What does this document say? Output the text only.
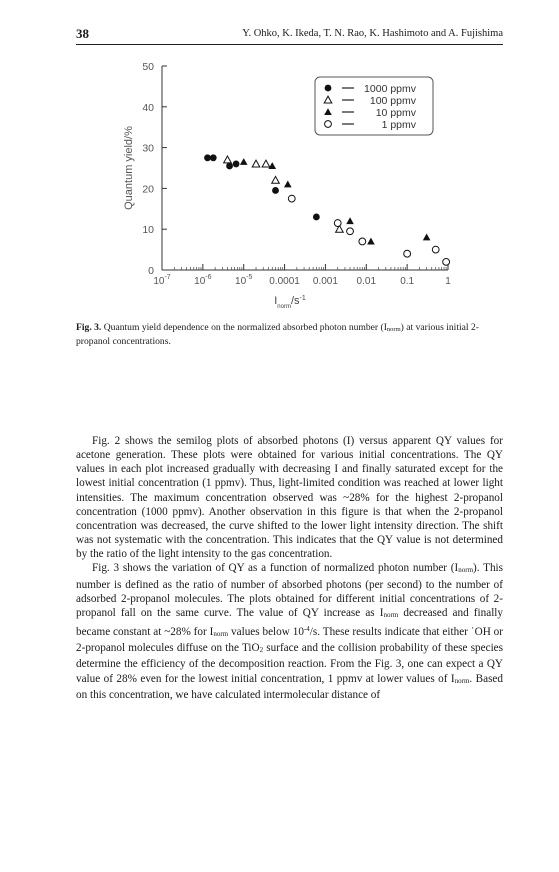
38	Y. Ohko, K. Ikeda, T. N. Rao, K. Hashimoto and A. Fujishima
0
10
20
30
40
50
$10^{-7}$ $10^{-6}$ $10^{-5}$ 0.0001 0.001 0.01 0.1	1
Quantum yield/%
$I_{norm}/s^{-1}$
1000 ppmv
100 ppmv
10 ppmv
1 ppmv
Fig. 3. Quantum yield dependence on the normalized absorbed photon number (Inorm) at various initial 2-propanol concentrations.

Fig. 2 shows the semilog plots of absorbed photons (I) versus apparent QY values for acetone generation. These plots were obtained for various initial concentrations. The QY values in each plot increased gradually with decreasing I and finally saturated except for the lowest initial concentration (1 ppmv). Thus, light-limited condition was reached at lower light intensities. The maximum concentration observed was ~28% for the highest 2-propanol concentration (1000 ppmv). Another observation in this figure is that when the 2-propanol concentration was decreased, the curve shifted to the lower light intensity direction. The shift was not systematic with the concentration. This indicates that the QY value is not determined by the ratio of the light intensity to the gas concentration.

Fig. 3 shows the variation of QY as a function of normalized photon number (Inorm). This number is defined as the ratio of number of absorbed photons (per second) to the number of adsorbed 2-propanol molecules. The plots obtained for different initial concentrations of 2-propanol fall on the same curve. The value of QY increase as Inorm decreased and finally became constant at ~28% for Inorm values below $10^{-4}/s$. These results indicate that either ˙OH or 2-propanol molecules diffuse on the TiO2 surface and the collision probability of these species determine the efficiency of the decomposition reaction. From the Fig. 3, one can expect a QY value of 28% even for the lowest initial concentration, 1 ppmv at lower values of Inorm. Based on this concentration, we have calculated intermolecular distance of
